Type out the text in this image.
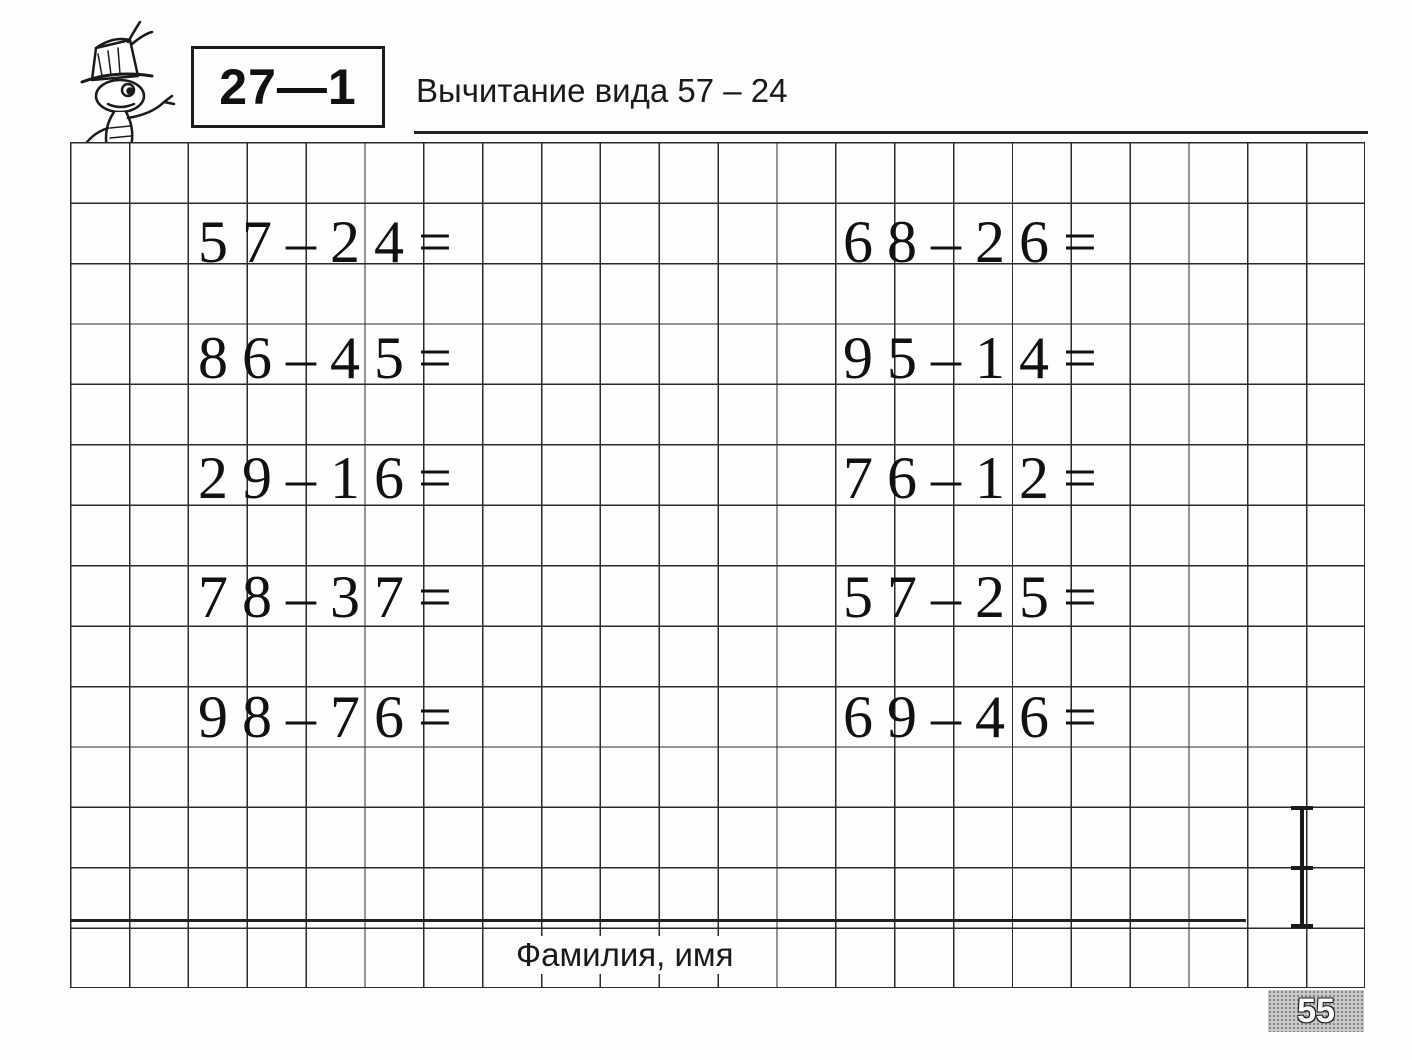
27—1 Вычитание вида 57 – 24
57–24=
86–45=
29–16=
78–37=
98–76=
68–26=
95–14=
76–12=
57–25=
69–46=
Фамилия, имя
55
